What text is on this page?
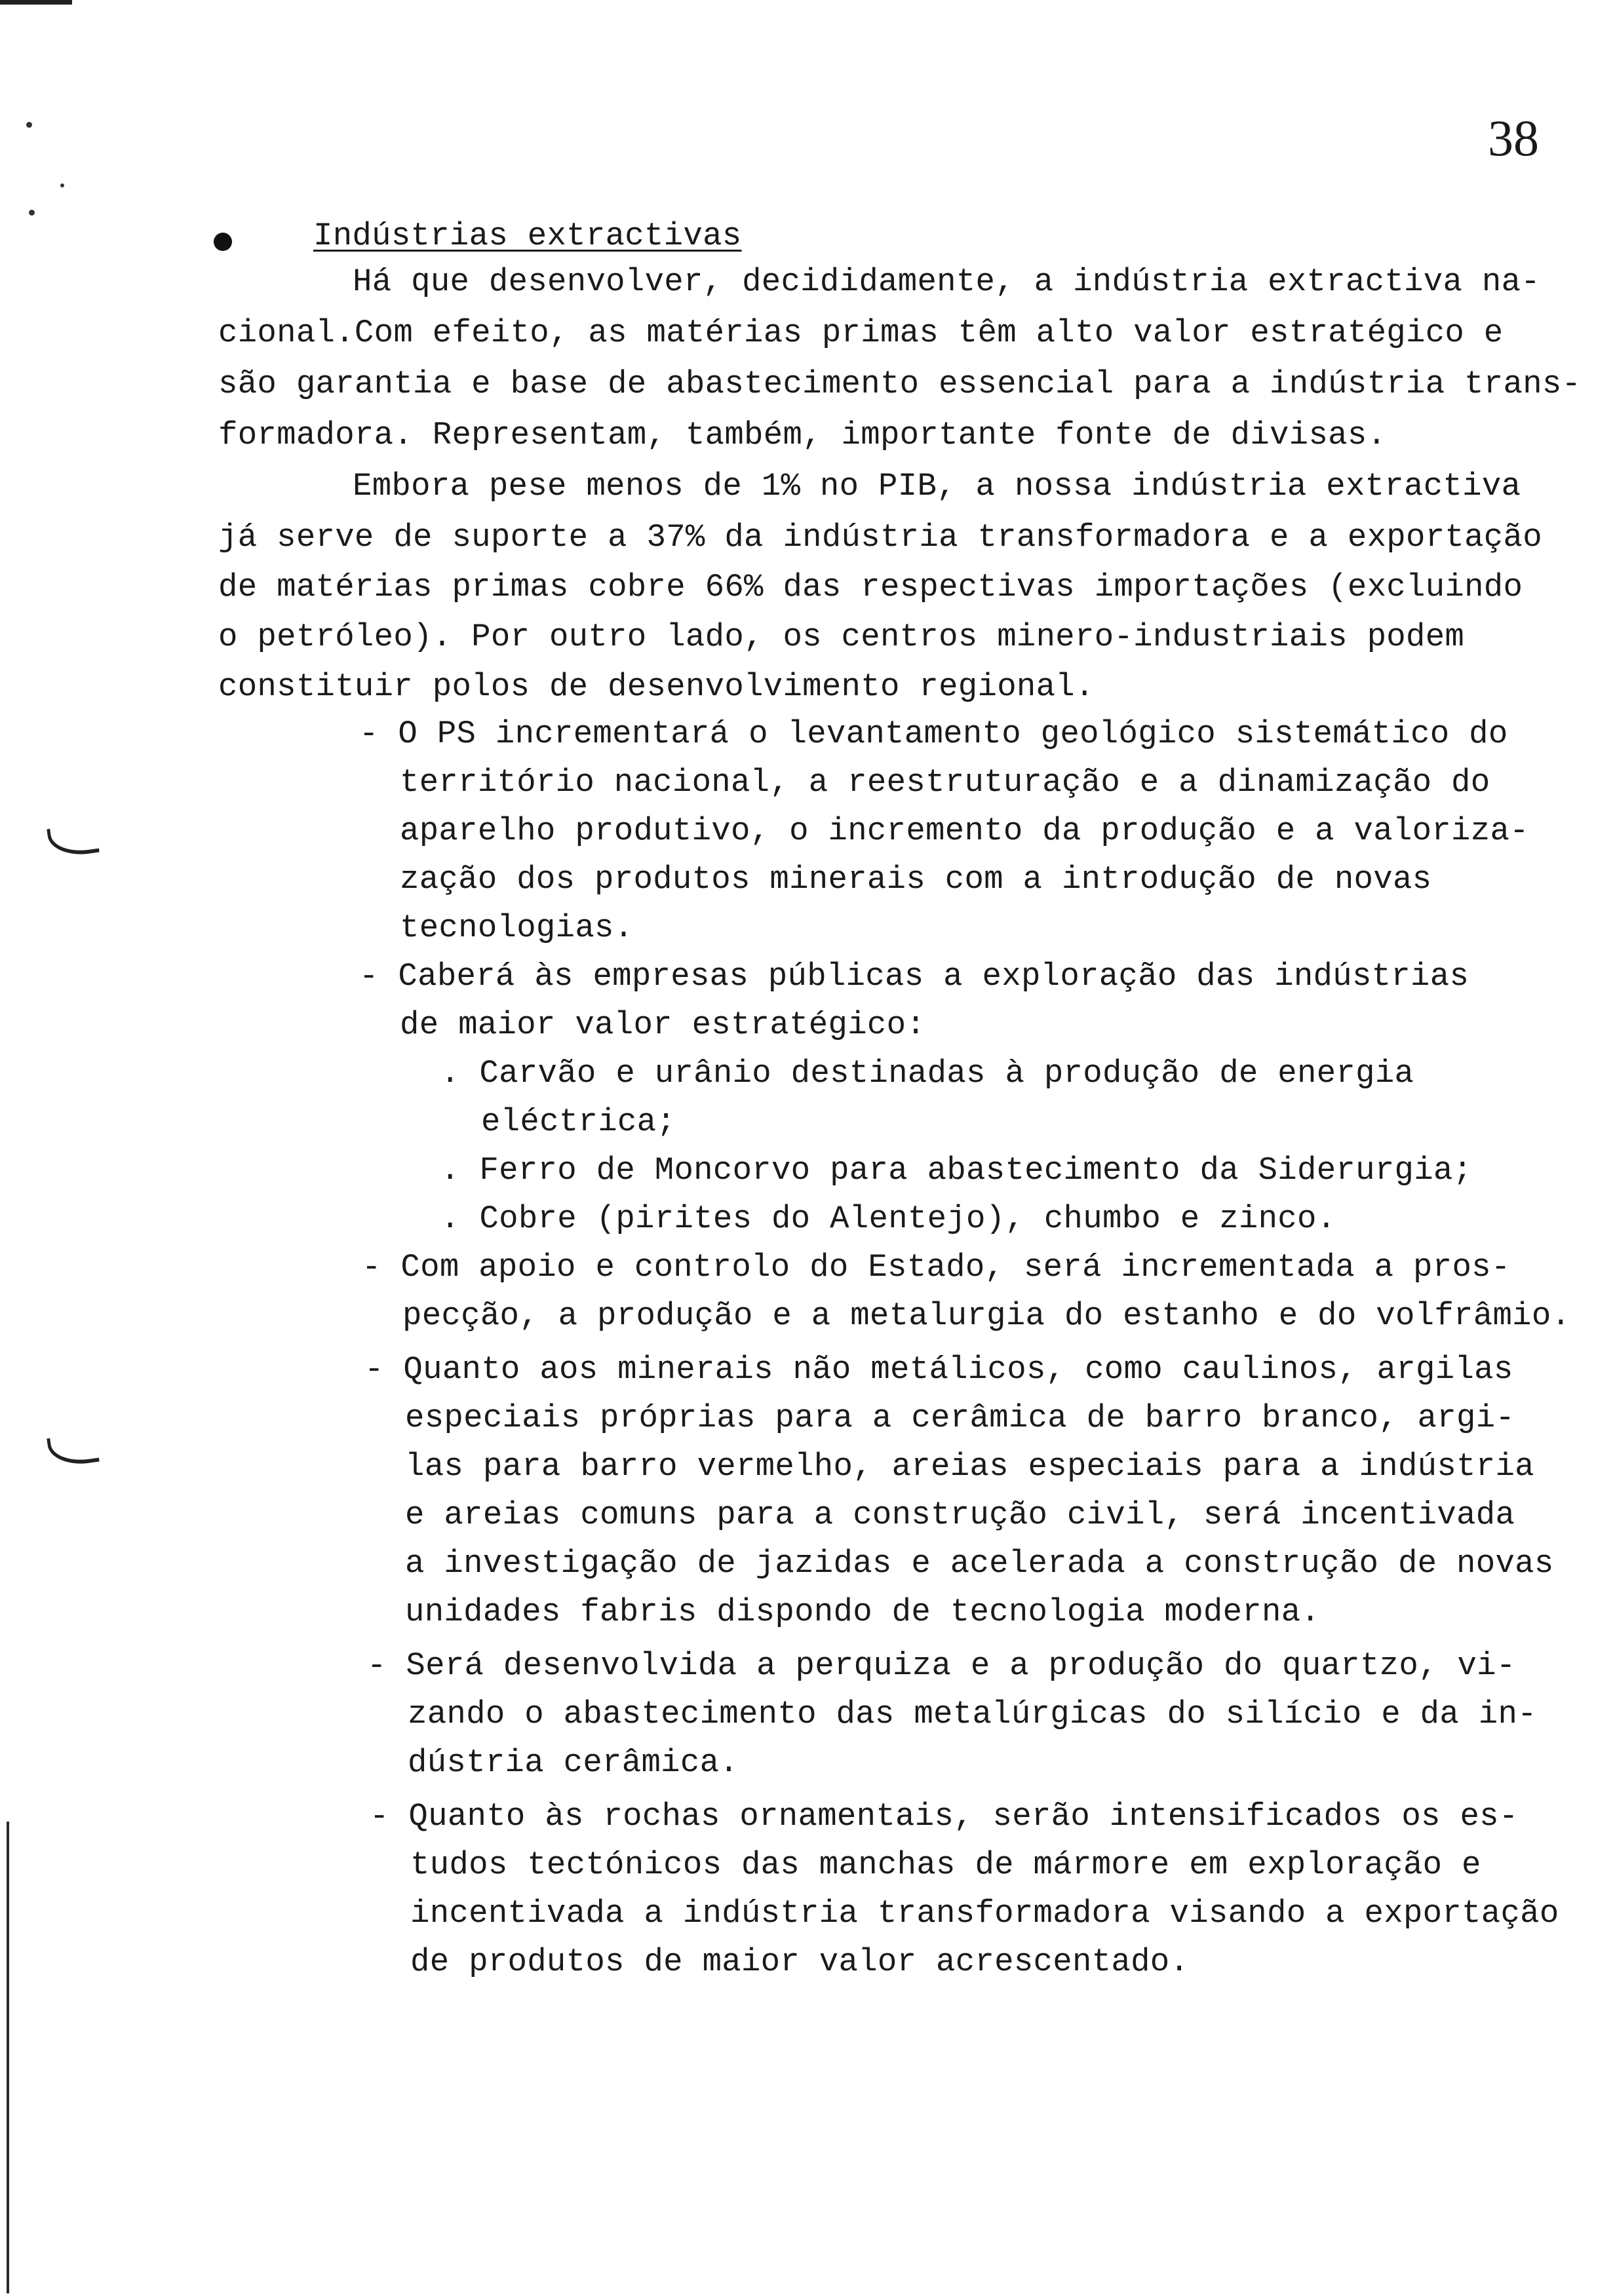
38
Indústrias extractivas
Há que desenvolver, decididamente, a indústria extractiva na-
cional.Com efeito, as matérias primas têm alto valor estratégico e
são garantia e base de abastecimento essencial para a indústria trans-
formadora. Representam, também, importante fonte de divisas.
Embora pese menos de 1% no PIB, a nossa indústria extractiva
já serve de suporte a 37% da indústria transformadora e a exportação
de matérias primas cobre 66% das respectivas importações (excluindo
o petróleo). Por outro lado, os centros minero-industriais podem
constituir polos de desenvolvimento regional.
- O PS incrementará o levantamento geológico sistemático do
território nacional, a reestruturação e a dinamização do
aparelho produtivo, o incremento da produção e a valoriza-
zação dos produtos minerais com a introdução de novas
tecnologias.
- Caberá às empresas públicas a exploração das indústrias
de maior valor estratégico:
. Carvão e urânio destinadas à produção de energia
eléctrica;
. Ferro de Moncorvo para abastecimento da Siderurgia;
. Cobre (pirites do Alentejo), chumbo e zinco.
- Com apoio e controlo do Estado, será incrementada a pros-
pecção, a produção e a metalurgia do estanho e do volfrâmio.
- Quanto aos minerais não metálicos, como caulinos, argilas
especiais próprias para a cerâmica de barro branco, argi-
las para barro vermelho, areias especiais para a indústria
e areias comuns para a construção civil, será incentivada
a investigação de jazidas e acelerada a construção de novas
unidades fabris dispondo de tecnologia moderna.
- Será desenvolvida a perquiza e a produção do quartzo, vi-
zando o abastecimento das metalúrgicas do silício e da in-
dústria cerâmica.
- Quanto às rochas ornamentais, serão intensificados os es-
tudos tectónicos das manchas de mármore em exploração e
incentivada a indústria transformadora visando a exportação
de produtos de maior valor acrescentado.
